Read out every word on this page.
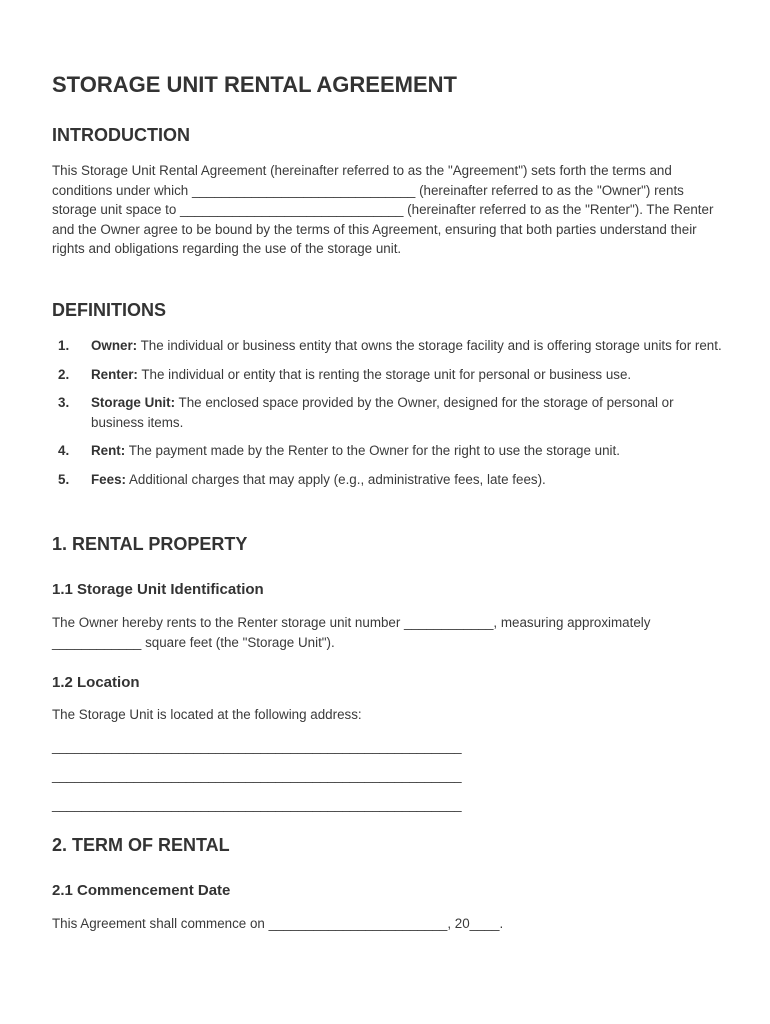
STORAGE UNIT RENTAL AGREEMENT
INTRODUCTION

This Storage Unit Rental Agreement (hereinafter referred to as the "Agreement") sets forth the terms and conditions under which ______________________________ (hereinafter referred to as the "Owner") rents storage unit space to ______________________________ (hereinafter referred to as the "Renter"). The Renter and the Owner agree to be bound by the terms of this Agreement, ensuring that both parties understand their rights and obligations regarding the use of the storage unit.

DEFINITIONS
1. Owner: The individual or business entity that owns the storage facility and is offering storage units for rent.
2. Renter: The individual or entity that is renting the storage unit for personal or business use.
3. Storage Unit: The enclosed space provided by the Owner, designed for the storage of personal or business items.
4. Rent: The payment made by the Renter to the Owner for the right to use the storage unit.
5. Fees: Additional charges that may apply (e.g., administrative fees, late fees).
1. RENTAL PROPERTY
1.1 Storage Unit Identification

The Owner hereby rents to the Renter storage unit number ____________, measuring approximately ____________ square feet (the "Storage Unit").

1.2 Location

The Storage Unit is located at the following address:

_______________________________________________________
_______________________________________________________
_______________________________________________________
2. TERM OF RENTAL
2.1 Commencement Date

This Agreement shall commence on ________________________, 20____.
